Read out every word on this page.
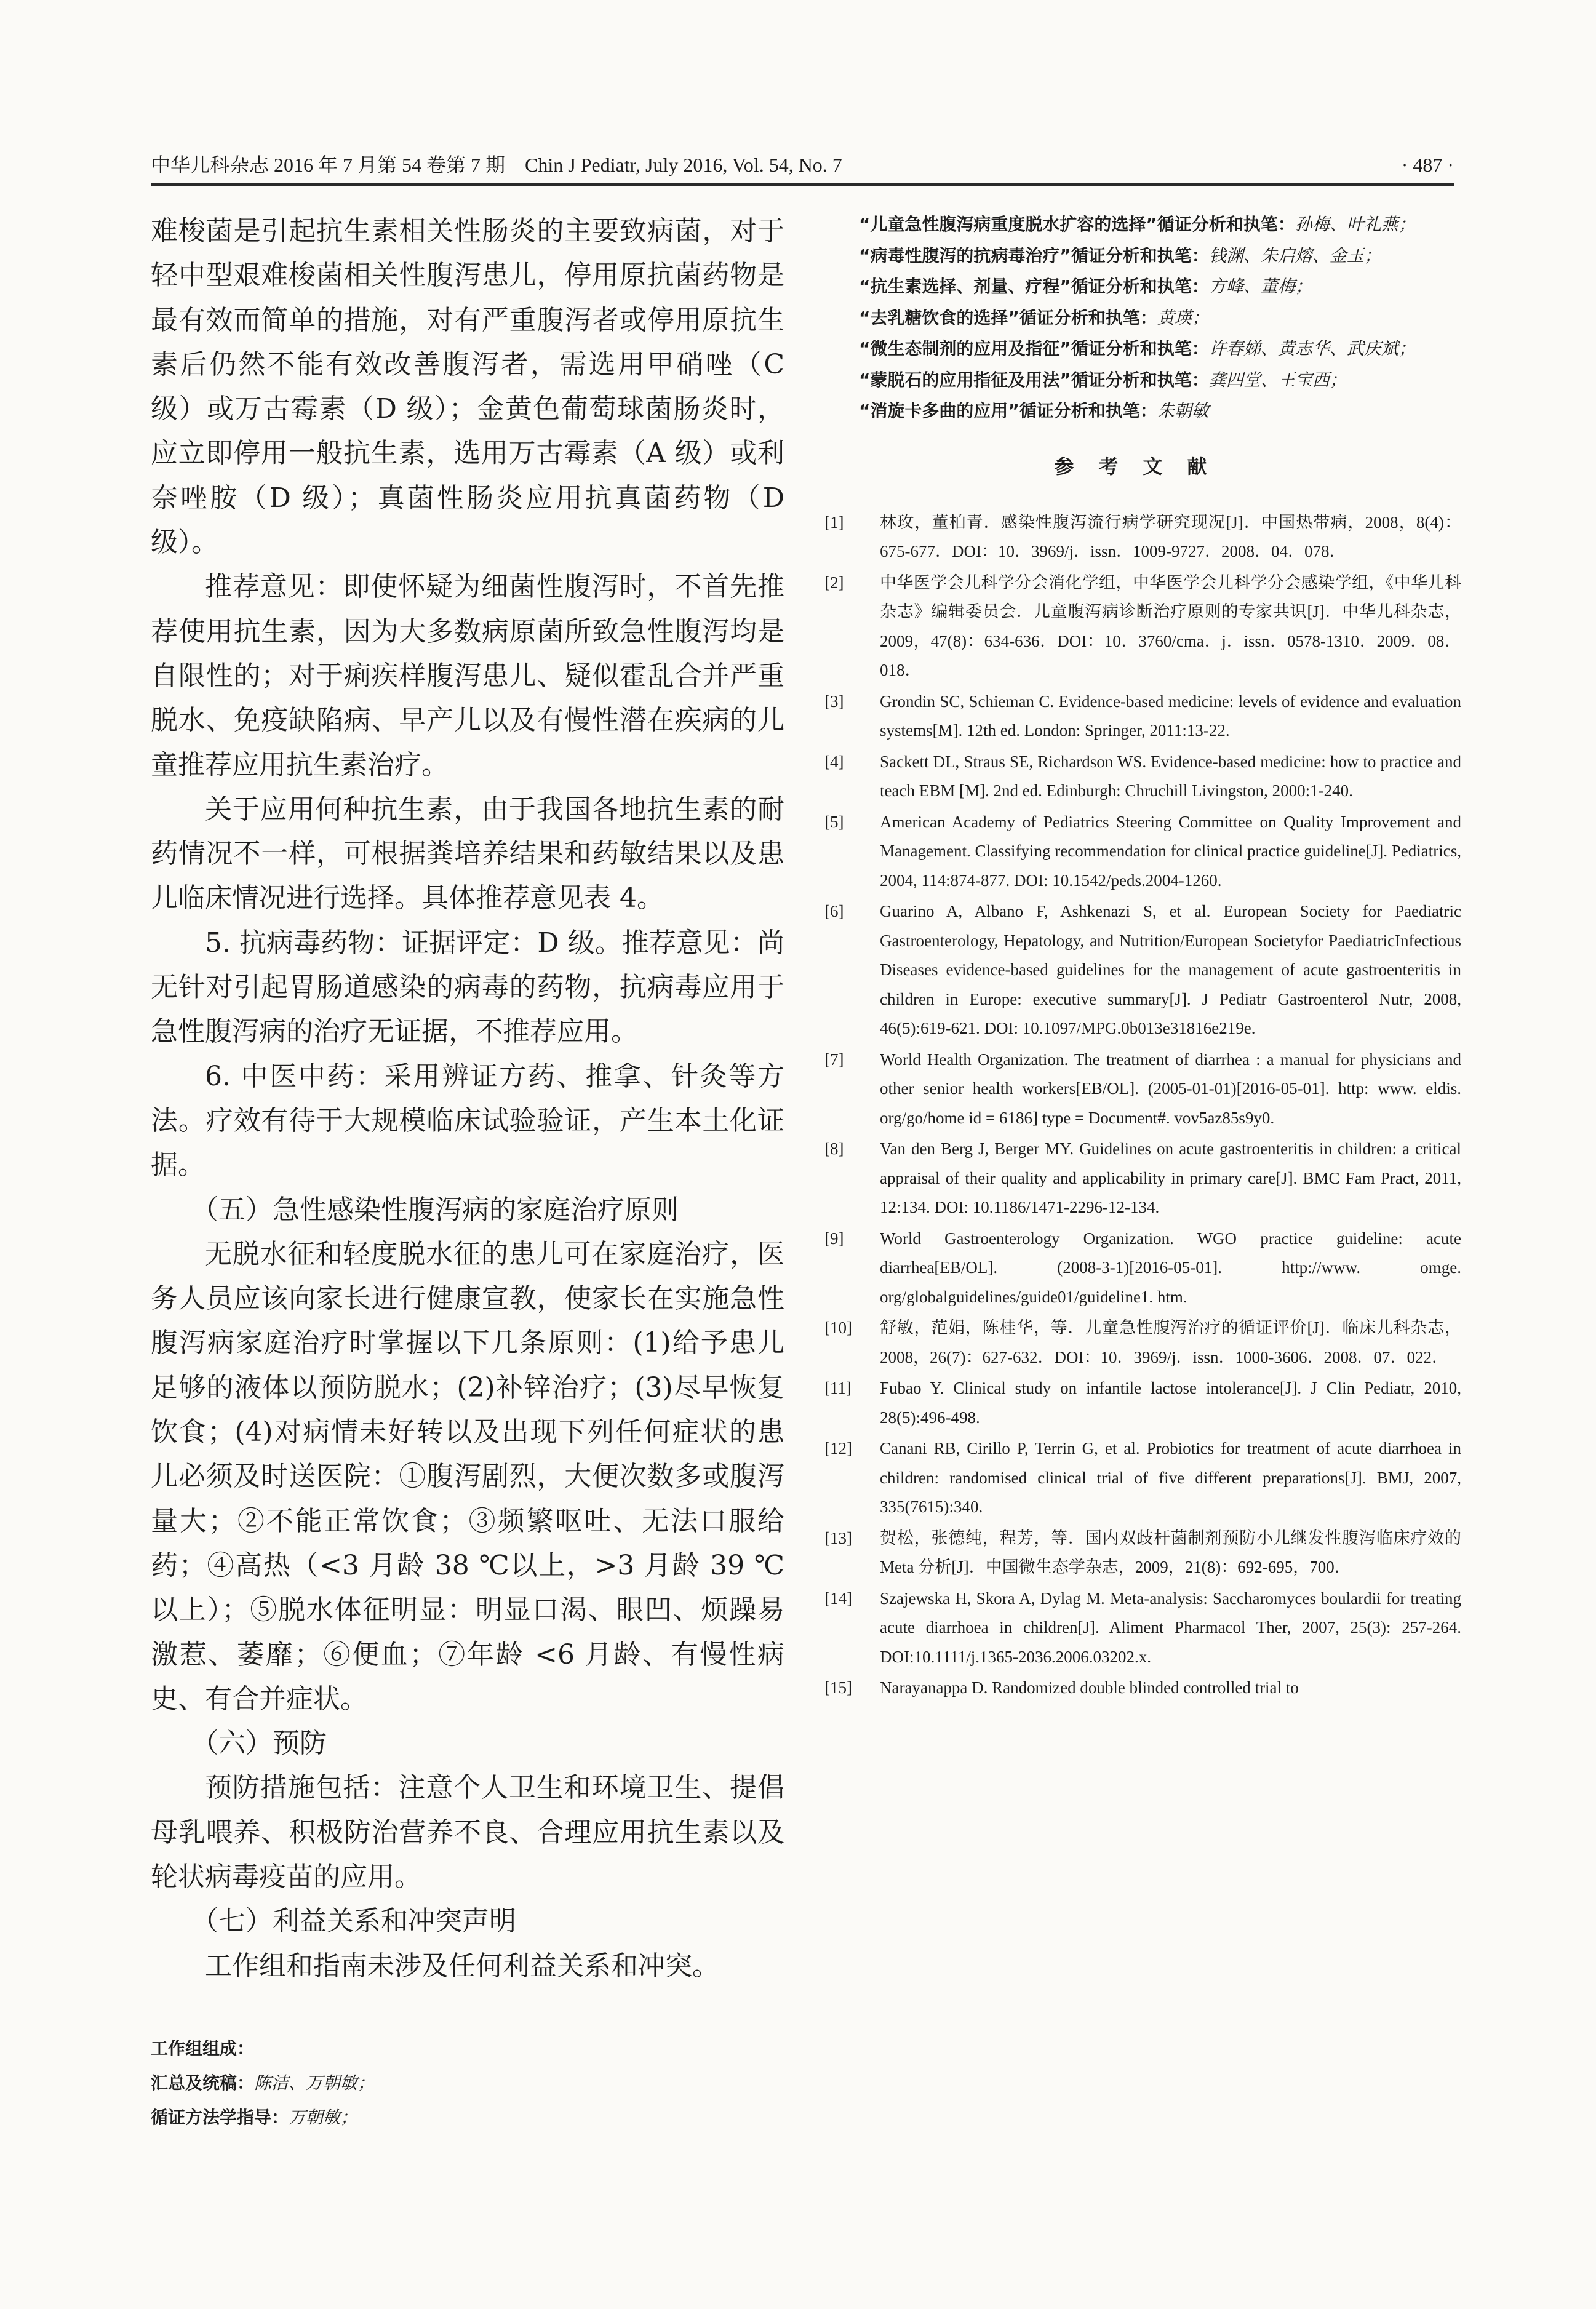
中华儿科杂志 2016 年 7 月第 54 卷第 7 期　Chin J Pediatr, July 2016, Vol. 54, No. 7	· 487 ·

难梭菌是引起抗生素相关性肠炎的主要致病菌，对于轻中型艰难梭菌相关性腹泻患儿，停用原抗菌药物是最有效而简单的措施，对有严重腹泻者或停用原抗生素后仍然不能有效改善腹泻者，需选用甲硝唑（C 级）或万古霉素（D 级）；金黄色葡萄球菌肠炎时，应立即停用一般抗生素，选用万古霉素（A 级）或利奈唑胺（D 级）；真菌性肠炎应用抗真菌药物（D 级）。

推荐意见：即使怀疑为细菌性腹泻时，不首先推荐使用抗生素，因为大多数病原菌所致急性腹泻均是自限性的；对于痢疾样腹泻患儿、疑似霍乱合并严重脱水、免疫缺陷病、早产儿以及有慢性潜在疾病的儿童推荐应用抗生素治疗。

关于应用何种抗生素，由于我国各地抗生素的耐药情况不一样，可根据粪培养结果和药敏结果以及患儿临床情况进行选择。具体推荐意见表 4。

5. 抗病毒药物：证据评定：D 级。推荐意见：尚无针对引起胃肠道感染的病毒的药物，抗病毒应用于急性腹泻病的治疗无证据，不推荐应用。

6. 中医中药：采用辨证方药、推拿、针灸等方法。疗效有待于大规模临床试验验证，产生本土化证据。

（五）急性感染性腹泻病的家庭治疗原则

无脱水征和轻度脱水征的患儿可在家庭治疗，医务人员应该向家长进行健康宣教，使家长在实施急性腹泻病家庭治疗时掌握以下几条原则：(1)给予患儿足够的液体以预防脱水；(2)补锌治疗；(3)尽早恢复饮食；(4)对病情未好转以及出现下列任何症状的患儿必须及时送医院：①腹泻剧烈，大便次数多或腹泻量大；②不能正常饮食；③频繁呕吐、无法口服给药；④高热（<3 月龄 38 ℃以上，>3 月龄 39 ℃以上）；⑤脱水体征明显：明显口渴、眼凹、烦躁易激惹、萎靡；⑥便血；⑦年龄 <6 月龄、有慢性病史、有合并症状。

（六）预防

预防措施包括：注意个人卫生和环境卫生、提倡母乳喂养、积极防治营养不良、合理应用抗生素以及轮状病毒疫苗的应用。

（七）利益关系和冲突声明

工作组和指南未涉及任何利益关系和冲突。

工作组组成：

汇总及统稿：陈洁、万朝敏；

循证方法学指导：万朝敏；

“儿童急性腹泻病重度脱水扩容的选择”循证分析和执笔：孙梅、叶礼燕；

“病毒性腹泻的抗病毒治疗”循证分析和执笔：钱渊、朱启熔、金玉；

“抗生素选择、剂量、疗程”循证分析和执笔：方峰、董梅；

“去乳糖饮食的选择”循证分析和执笔：黄瑛；

“微生态制剂的应用及指征”循证分析和执笔：许春娣、黄志华、武庆斌；

“蒙脱石的应用指征及用法”循证分析和执笔：龚四堂、王宝西；

“消旋卡多曲的应用”循证分析和执笔：朱朝敏

参考文献
[1]	林玫，董柏青．感染性腹泻流行病学研究现况[J]．中国热带病，2008，8(4)：675-677．DOI：10．3969/j．issn．1009-9727．2008．04．078．
[2]	中华医学会儿科学分会消化学组，中华医学会儿科学分会感染学组，《中华儿科杂志》编辑委员会．儿童腹泻病诊断治疗原则的专家共识[J]．中华儿科杂志，2009，47(8)：634-636．DOI：10．3760/cma．j．issn．0578-1310．2009．08．018．
[3]	Grondin SC, Schieman C. Evidence-based medicine: levels of evidence and evaluation systems[M]. 12th ed. London: Springer, 2011:13-22.
[4]	Sackett DL, Straus SE, Richardson WS. Evidence-based medicine: how to practice and teach EBM [M]. 2nd ed. Edinburgh: Chruchill Livingston, 2000:1-240.
[5]	American Academy of Pediatrics Steering Committee on Quality Improvement and Management. Classifying recommendation for clinical practice guideline[J]. Pediatrics, 2004, 114:874-877. DOI: 10.1542/peds.2004-1260.
[6]	Guarino A, Albano F, Ashkenazi S, et al. European Society for Paediatric Gastroenterology, Hepatology, and Nutrition/European Societyfor PaediatricInfectious Diseases evidence-based guidelines for the management of acute gastroenteritis in children in Europe: executive summary[J]. J Pediatr Gastroenterol Nutr, 2008, 46(5):619-621. DOI: 10.1097/MPG.0b013e31816e219e.
[7]	World Health Organization. The treatment of diarrhea : a manual for physicians and other senior health workers[EB/OL]. (2005-01-01)[2016-05-01]. http: www. eldis. org/go/home id = 6186] type = Document#. vov5az85s9y0.
[8]	Van den Berg J, Berger MY. Guidelines on acute gastroenteritis in children: a critical appraisal of their quality and applicability in primary care[J]. BMC Fam Pract, 2011, 12:134. DOI: 10.1186/1471-2296-12-134.
[9]	World Gastroenterology Organization. WGO practice guideline: acute diarrhea[EB/OL]. (2008-3-1)[2016-05-01]. http://www. omge. org/globalguidelines/guide01/guideline1. htm.
[10]	舒敏，范娟，陈桂华，等．儿童急性腹泻治疗的循证评价[J]．临床儿科杂志，2008，26(7)：627-632．DOI：10．3969/j．issn．1000-3606．2008．07．022．
[11]	Fubao Y. Clinical study on infantile lactose intolerance[J]. J Clin Pediatr, 2010, 28(5):496-498.
[12]	Canani RB, Cirillo P, Terrin G, et al. Probiotics for treatment of acute diarrhoea in children: randomised clinical trial of five different preparations[J]. BMJ, 2007, 335(7615):340.
[13]	贺松，张德纯，程芳，等．国内双歧杆菌制剂预防小儿继发性腹泻临床疗效的 Meta 分析[J]．中国微生态学杂志，2009，21(8)：692-695，700．
[14]	Szajewska H, Skora A, Dylag M. Meta-analysis: Saccharomyces boulardii for treating acute diarrhoea in children[J]. Aliment Pharmacol Ther, 2007, 25(3): 257-264. DOI:10.1111/j.1365-2036.2006.03202.x.
[15]	Narayanappa D. Randomized double blinded controlled trial to
